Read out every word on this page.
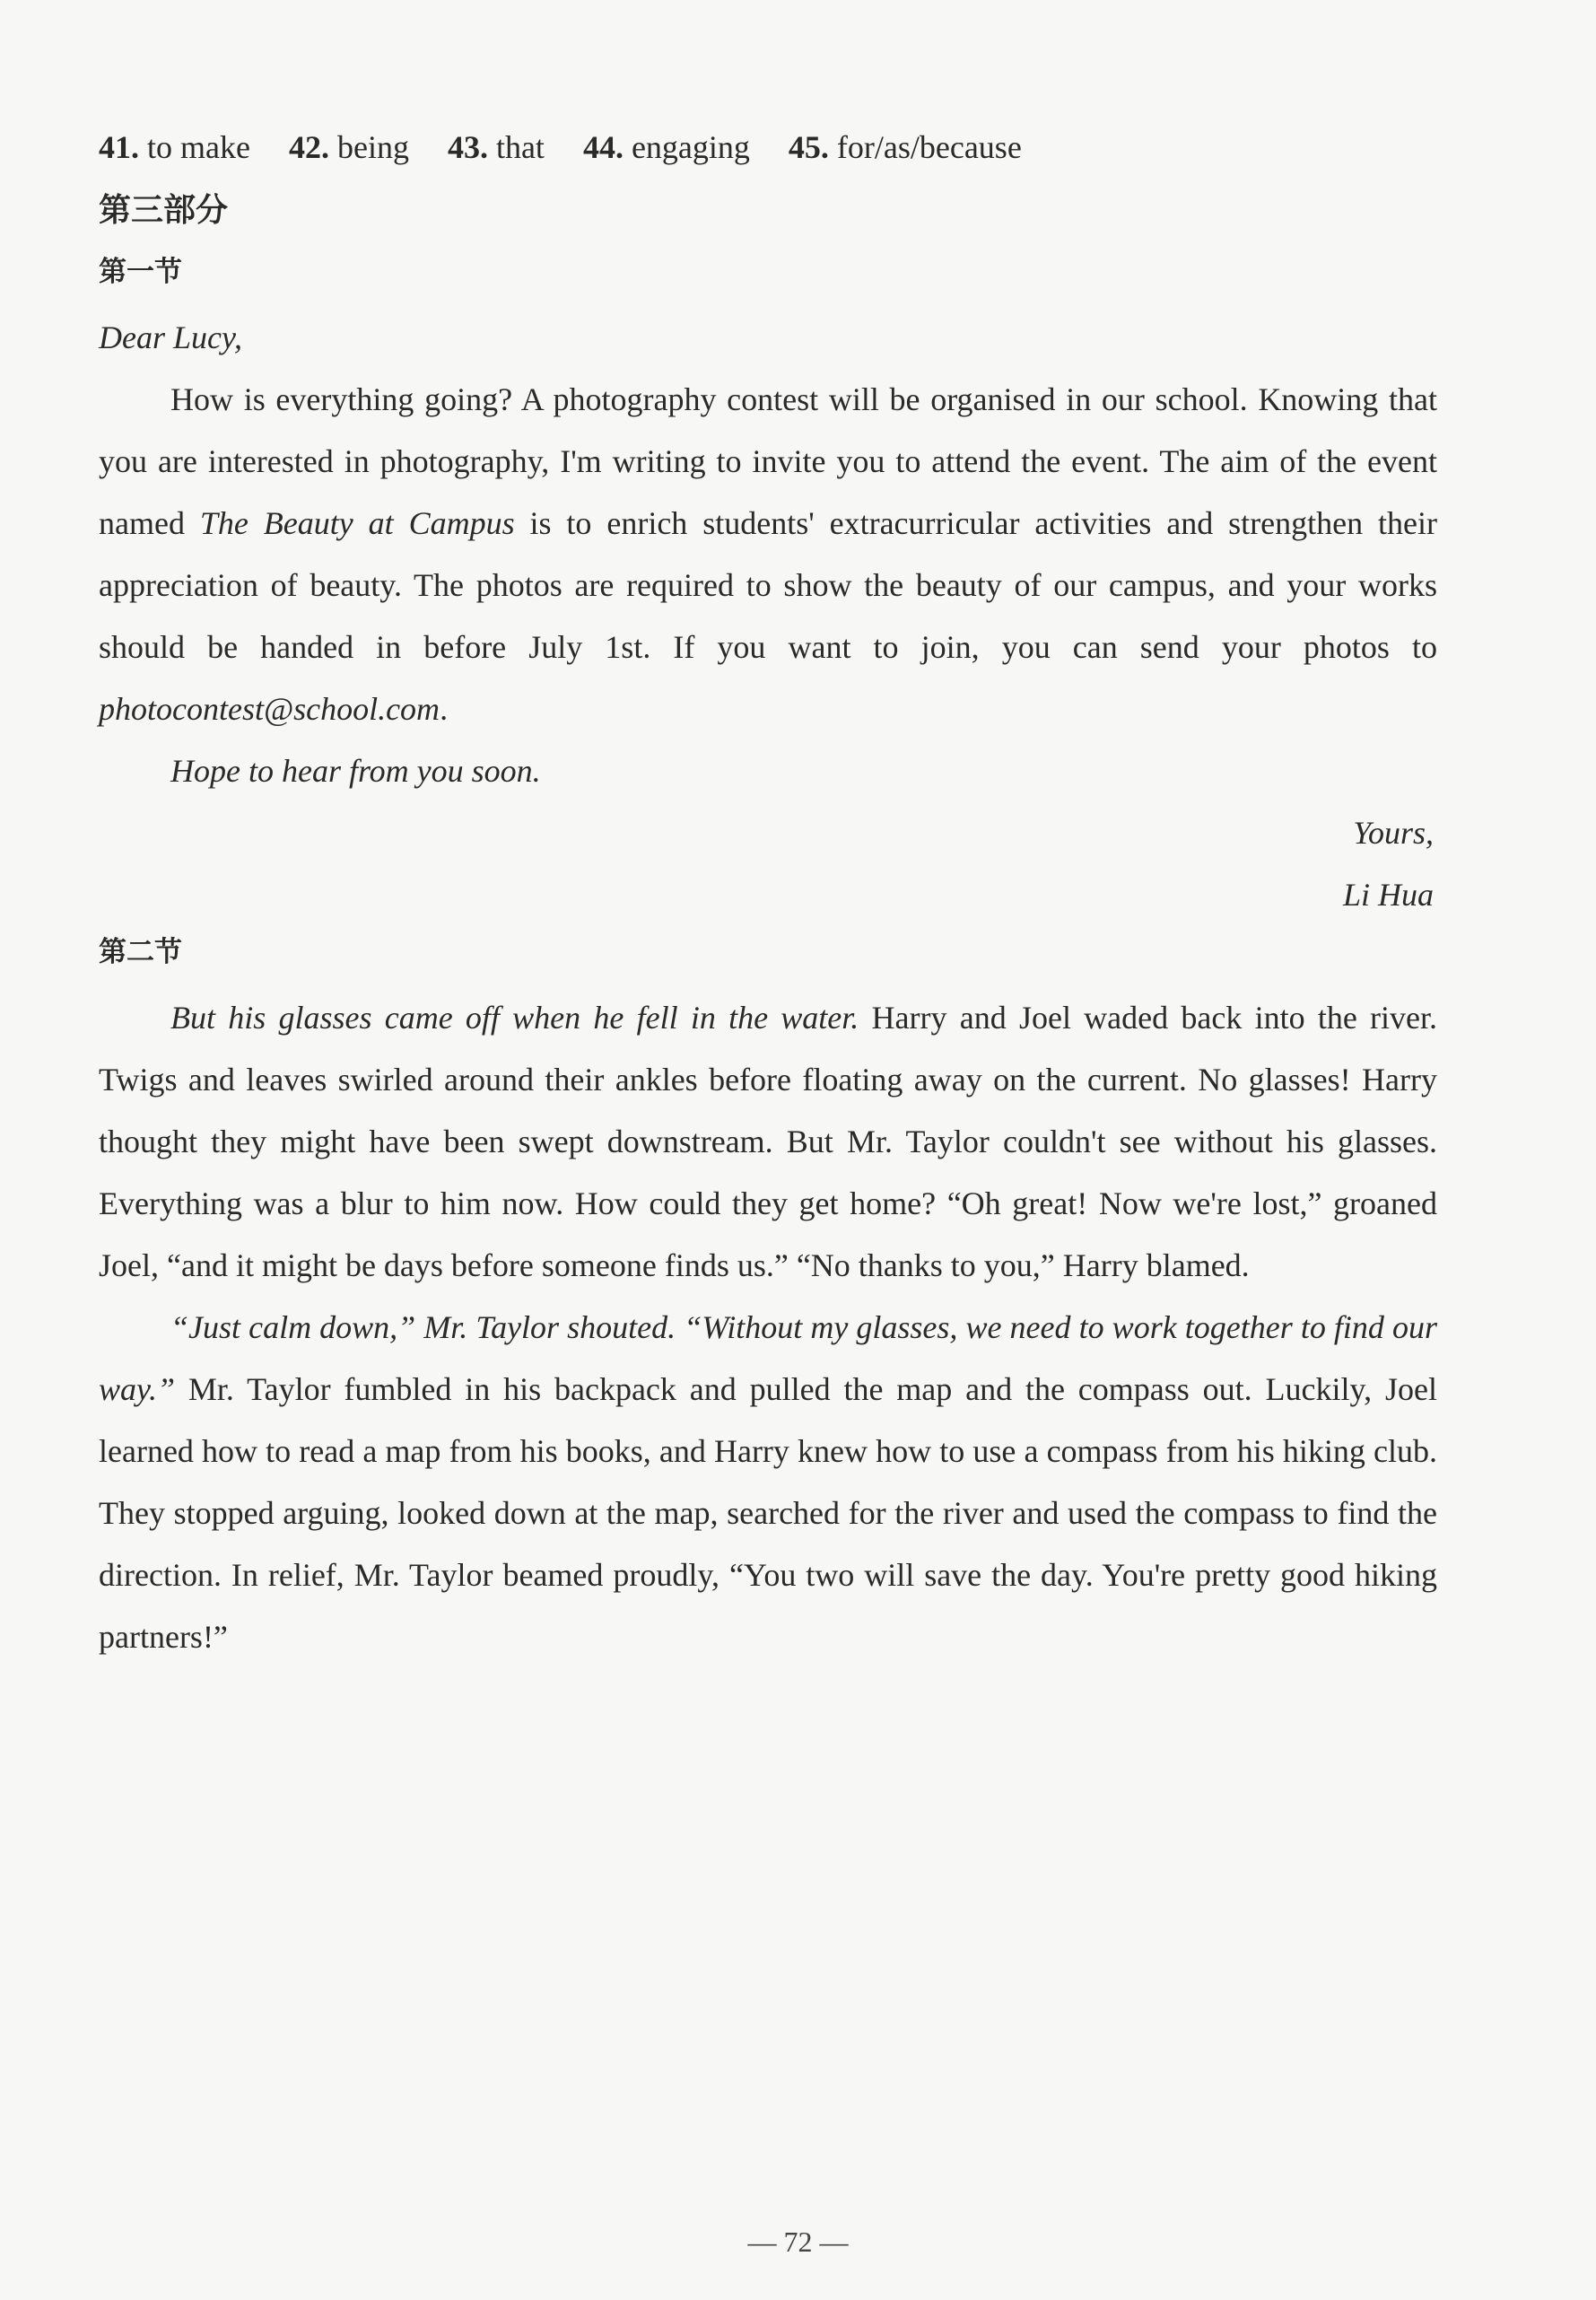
41. to make 42. being 43. that 44. engaging 45. for/as/because
第三部分
第一节

Dear Lucy,

How is everything going? A photography contest will be organised in our school. Knowing that you are interested in photography, I'm writing to invite you to attend the event. The aim of the event named The Beauty at Campus is to enrich students' extracurricular activities and strengthen their appreciation of beauty. The photos are required to show the beauty of our campus, and your works should be handed in before July 1st. If you want to join, you can send your photos to photocontest@school.com.

Hope to hear from you soon.

Yours,

Li Hua

第二节

But his glasses came off when he fell in the water. Harry and Joel waded back into the river. Twigs and leaves swirled around their ankles before floating away on the current. No glasses! Harry thought they might have been swept downstream. But Mr. Taylor couldn't see without his glasses. Everything was a blur to him now. How could they get home? “Oh great! Now we're lost,” groaned Joel, “and it might be days before someone finds us.” “No thanks to you,” Harry blamed.

“Just calm down,” Mr. Taylor shouted. “Without my glasses, we need to work together to find our way.” Mr. Taylor fumbled in his backpack and pulled the map and the compass out. Luckily, Joel learned how to read a map from his books, and Harry knew how to use a compass from his hiking club. They stopped arguing, looked down at the map, searched for the river and used the compass to find the direction. In relief, Mr. Taylor beamed proudly, “You two will save the day. You're pretty good hiking partners!”

— 72 —
